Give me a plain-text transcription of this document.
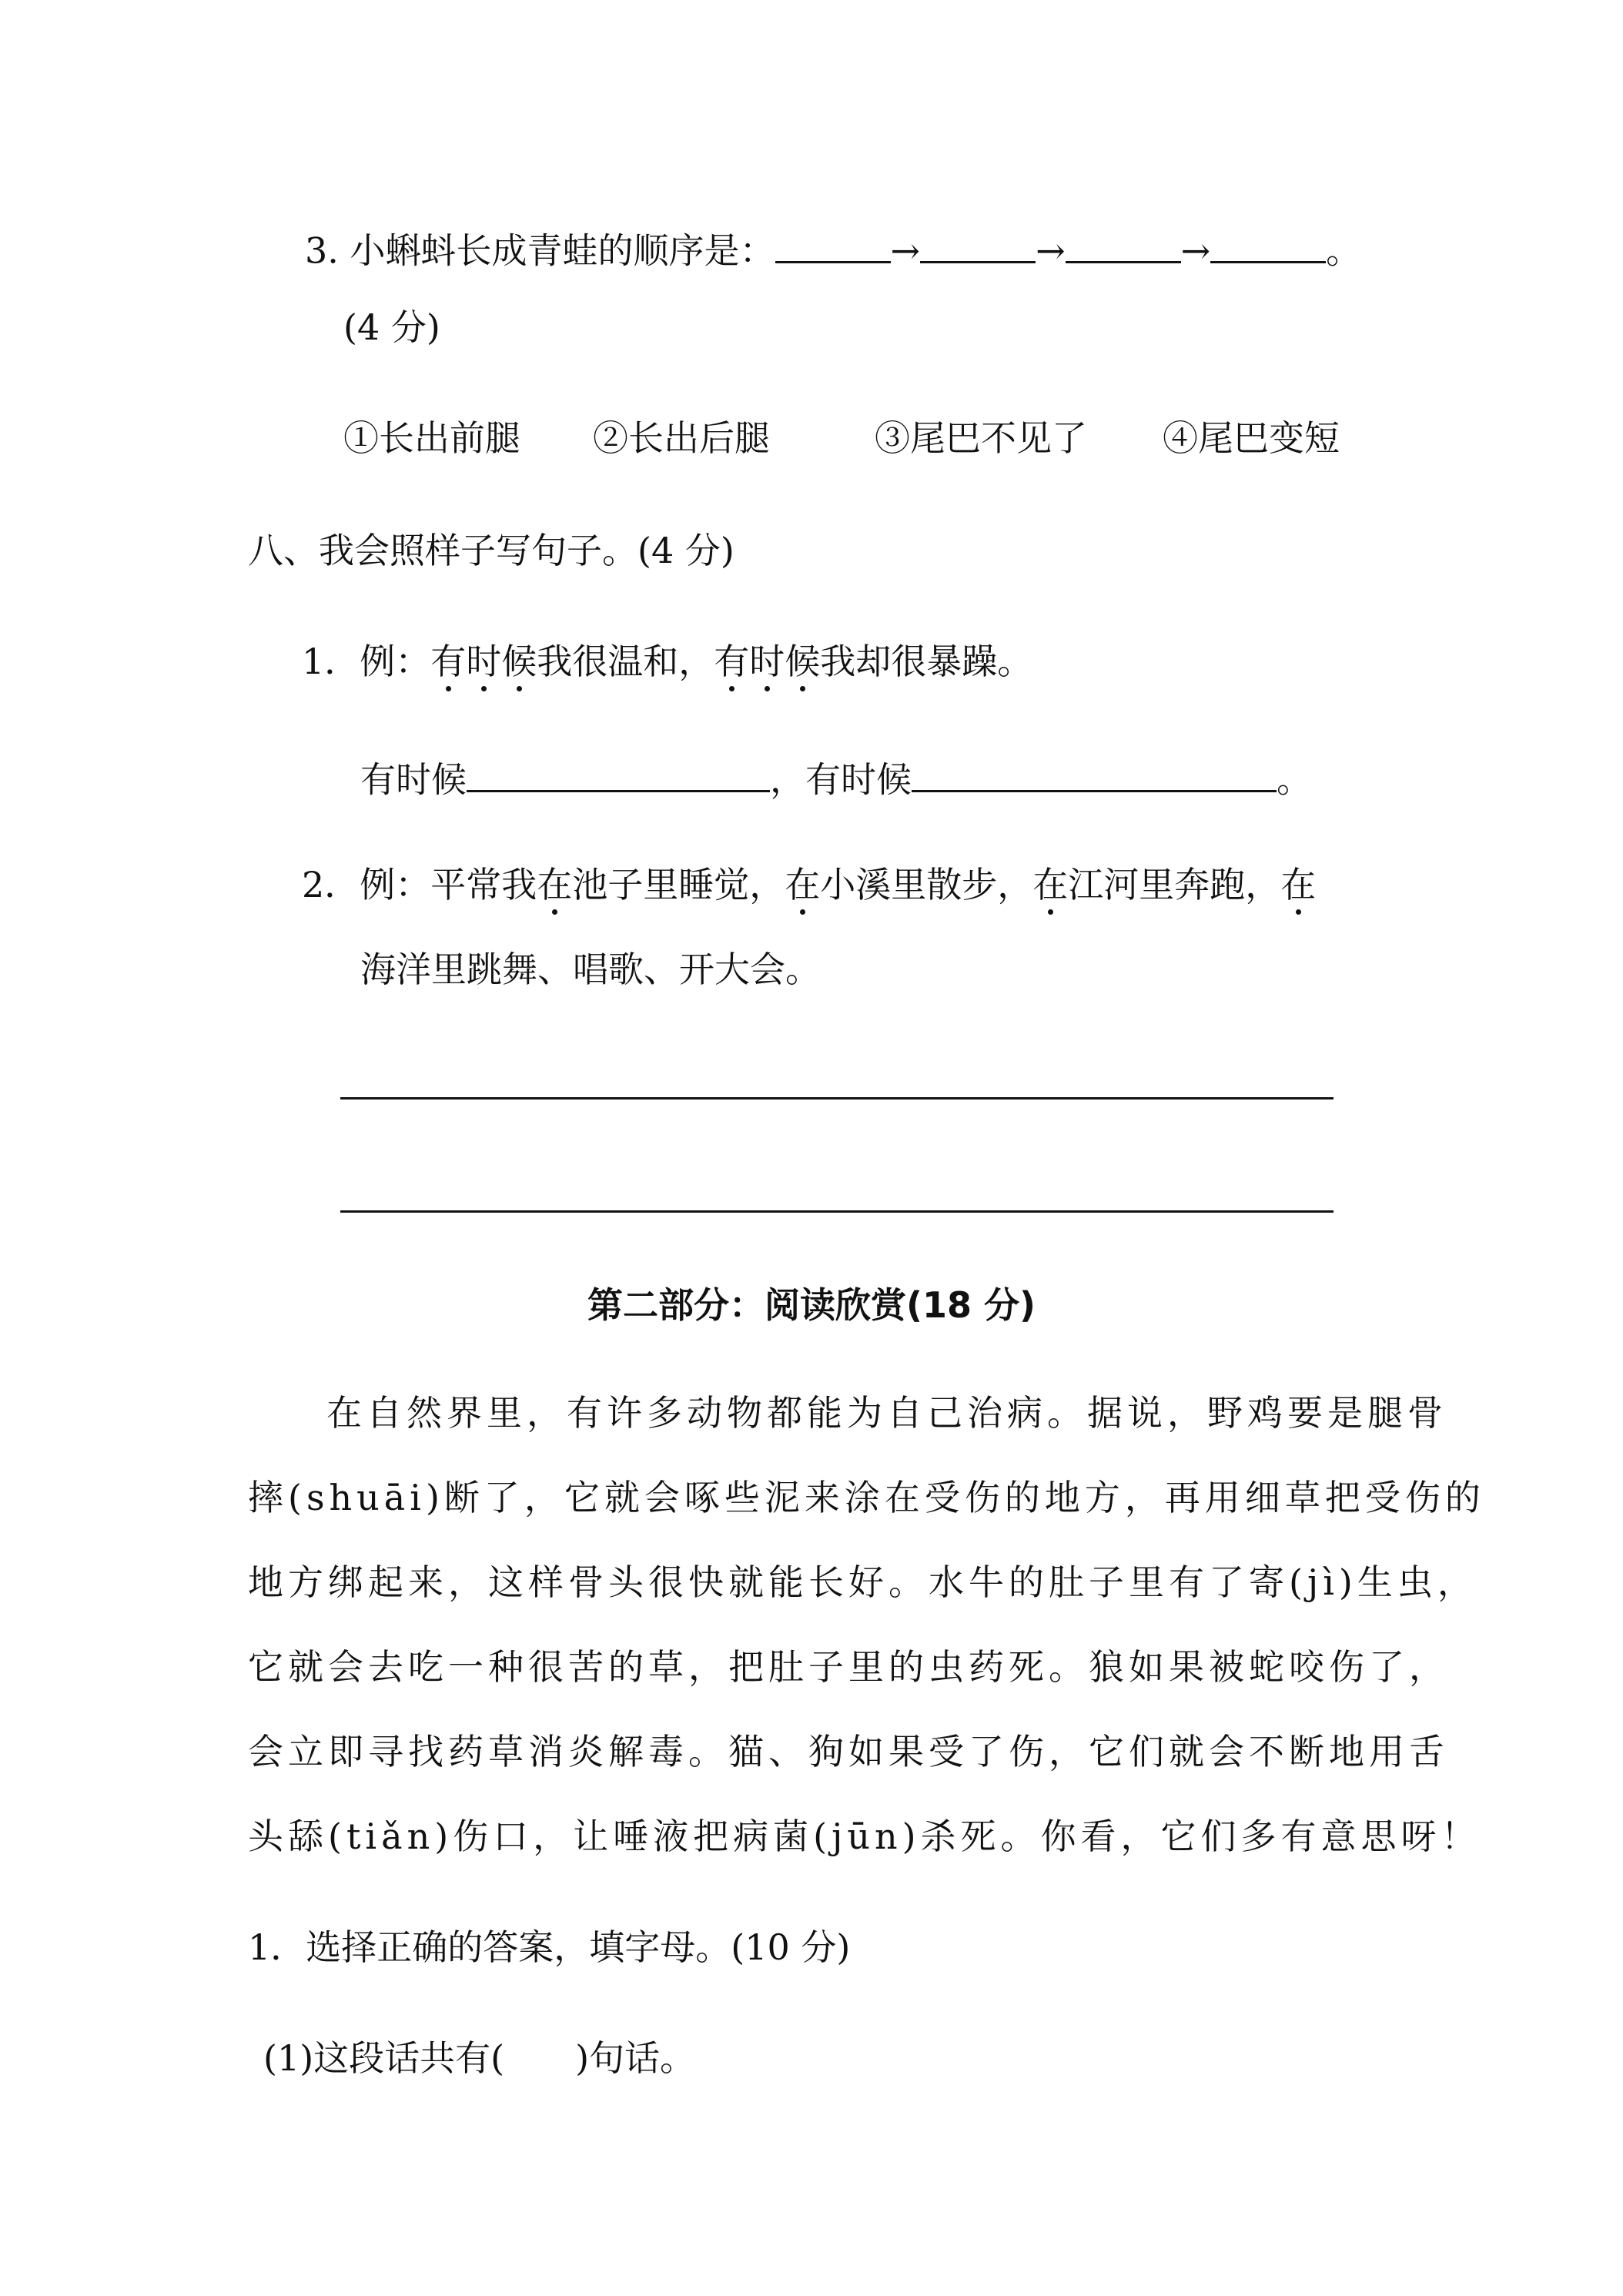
3. 小蝌蚪长成青蛙的顺序是：	→	→	→	。
(4 分)
①长出前腿 ②长出后腿	③尾巴不见了 ④尾巴变短
八、我会照样子写句子。(4 分)
1．例：有时候我很温和，有时候我却很暴躁。
有时候	，有时候	。
2．例：平常我在池子里睡觉，在小溪里散步，在江河里奔跑，在
海洋里跳舞、唱歌、开大会。
第二部分：阅读欣赏(18 分)
在自然界里，有许多动物都能为自己治病。据说，野鸡要是腿骨
摔(shuāi)断了，它就会啄些泥来涂在受伤的地方，再用细草把受伤的
地方绑起来，这样骨头很快就能长好。水牛的肚子里有了寄(jì)生虫，
它就会去吃一种很苦的草，把肚子里的虫药死。狼如果被蛇咬伤了，
会立即寻找药草消炎解毒。猫、狗如果受了伤，它们就会不断地用舌
头舔(tiǎn)伤口，让唾液把病菌(jūn)杀死。你看，它们多有意思呀！
1．选择正确的答案，填字母。(10 分)
(1)这段话共有(　　)句话。
